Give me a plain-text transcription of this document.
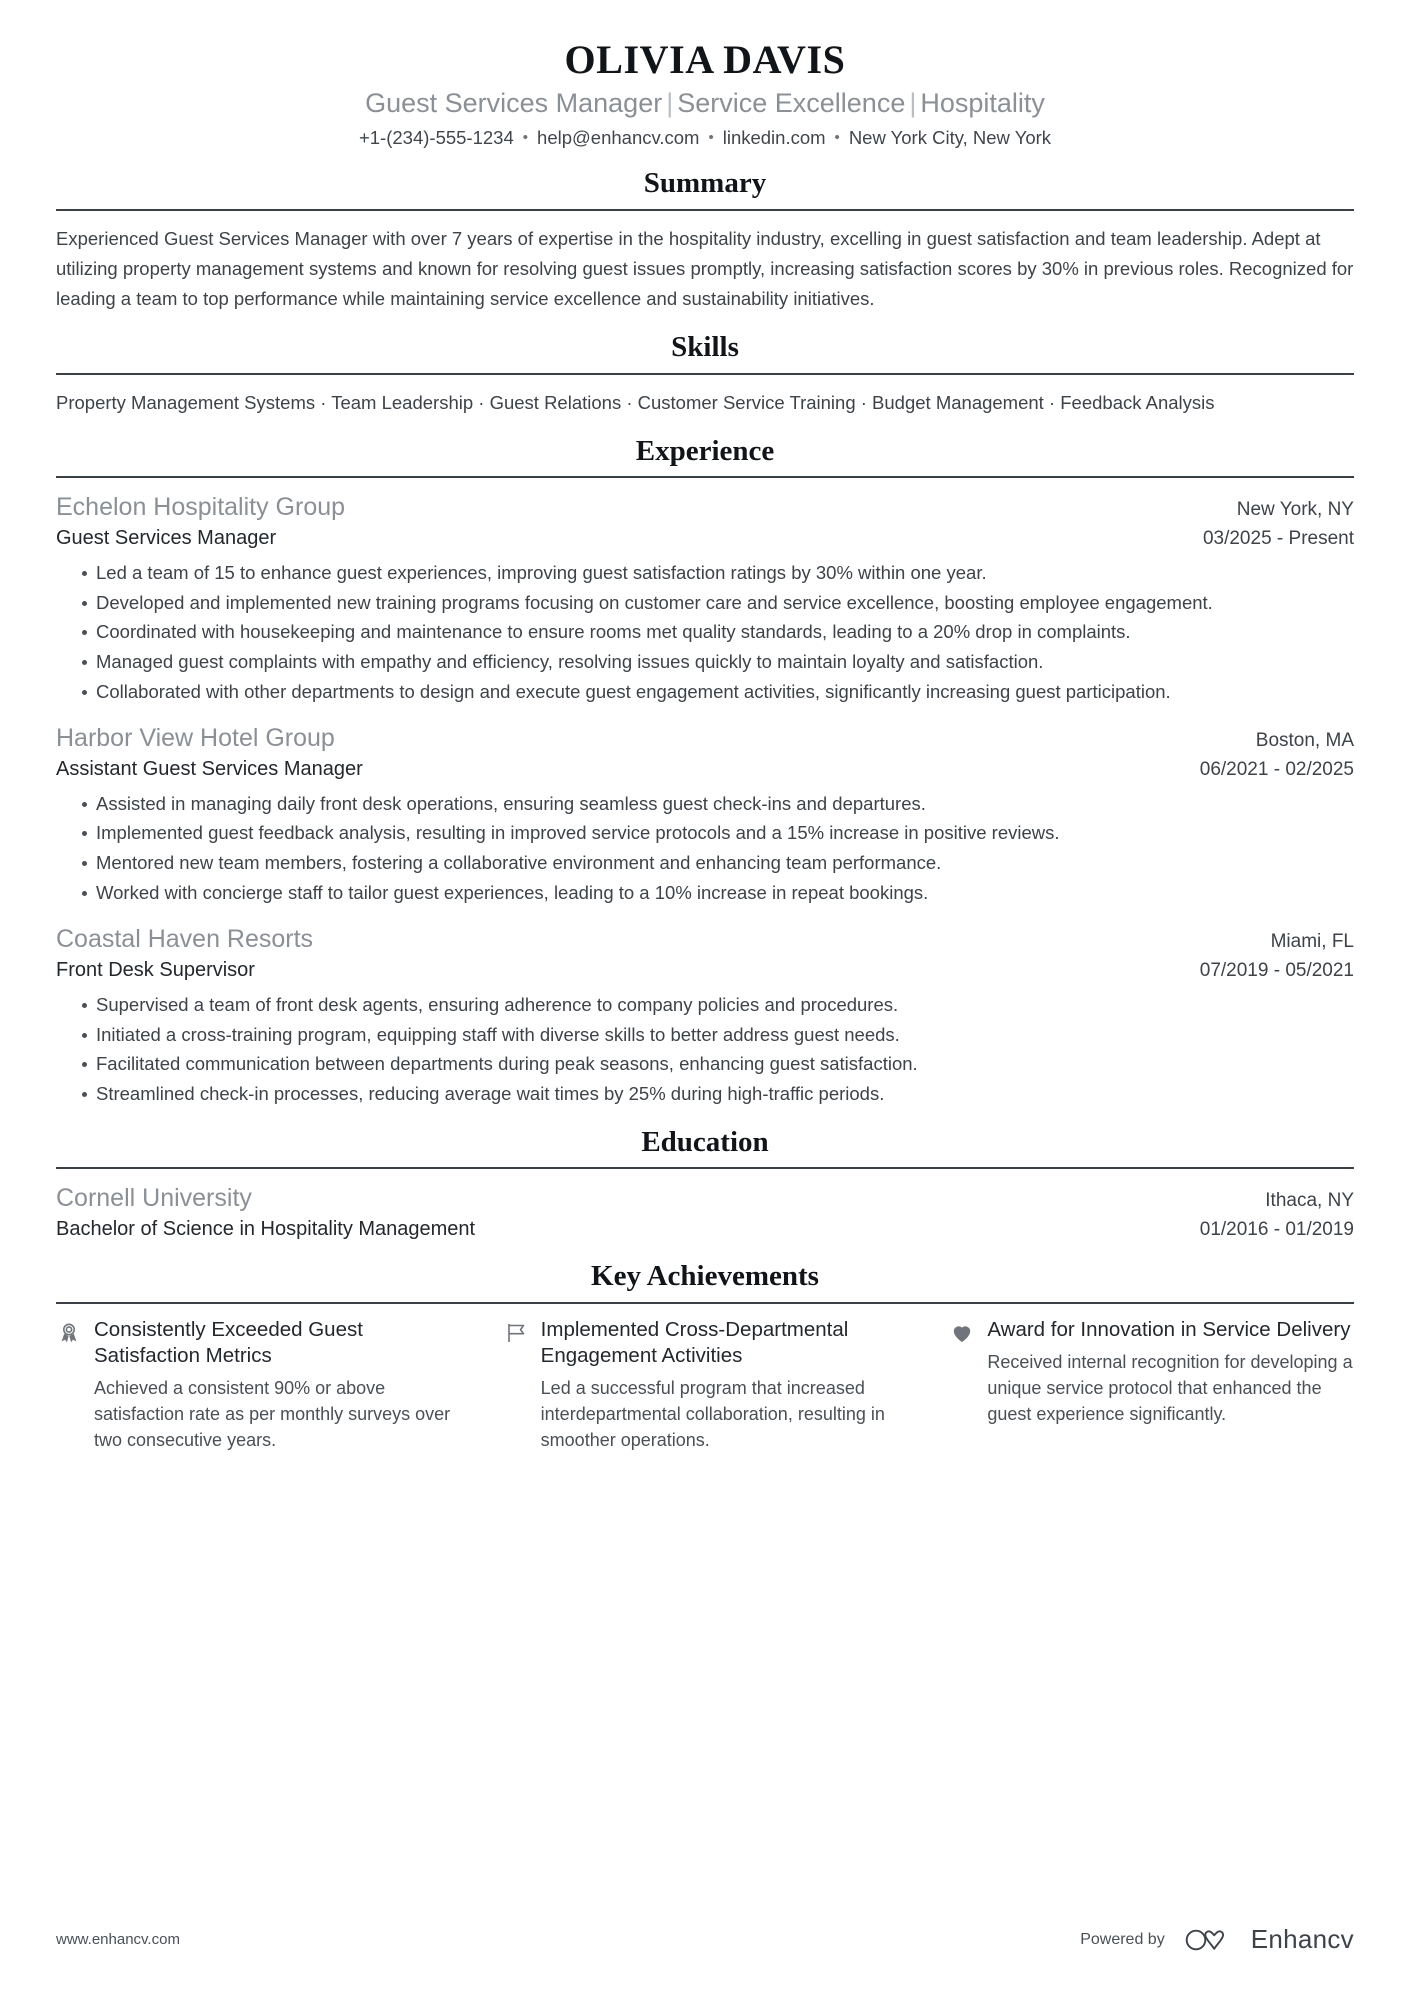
OLIVIA DAVIS
Guest Services Manager | Service Excellence | Hospitality
+1-(234)-555-1234 • help@enhancv.com • linkedin.com • New York City, New York
Summary

Experienced Guest Services Manager with over 7 years of expertise in the hospitality industry, excelling in guest satisfaction and team leadership. Adept at utilizing property management systems and known for resolving guest issues promptly, increasing satisfaction scores by 30% in previous roles. Recognized for leading a team to top performance while maintaining service excellence and sustainability initiatives.

Skills

Property Management Systems · Team Leadership · Guest Relations · Customer Service Training · Budget Management · Feedback Analysis

Experience
Echelon Hospitality Group	New York, NY
Guest Services Manager	03/2025 - Present
Led a team of 15 to enhance guest experiences, improving guest satisfaction ratings by 30% within one year.
Developed and implemented new training programs focusing on customer care and service excellence, boosting employee engagement.
Coordinated with housekeeping and maintenance to ensure rooms met quality standards, leading to a 20% drop in complaints.
Managed guest complaints with empathy and efficiency, resolving issues quickly to maintain loyalty and satisfaction.
Collaborated with other departments to design and execute guest engagement activities, significantly increasing guest participation.
Harbor View Hotel Group	Boston, MA
Assistant Guest Services Manager	06/2021 - 02/2025
Assisted in managing daily front desk operations, ensuring seamless guest check-ins and departures.
Implemented guest feedback analysis, resulting in improved service protocols and a 15% increase in positive reviews.
Mentored new team members, fostering a collaborative environment and enhancing team performance.
Worked with concierge staff to tailor guest experiences, leading to a 10% increase in repeat bookings.
Coastal Haven Resorts	Miami, FL
Front Desk Supervisor	07/2019 - 05/2021
Supervised a team of front desk agents, ensuring adherence to company policies and procedures.
Initiated a cross-training program, equipping staff with diverse skills to better address guest needs.
Facilitated communication between departments during peak seasons, enhancing guest satisfaction.
Streamlined check-in processes, reducing average wait times by 25% during high-traffic periods.
Education
Cornell University	Ithaca, NY
Bachelor of Science in Hospitality Management	01/2016 - 01/2019
Key Achievements
Consistently Exceeded Guest Satisfaction Metrics

Achieved a consistent 90% or above satisfaction rate as per monthly surveys over two consecutive years.

Implemented Cross-Departmental Engagement Activities

Led a successful program that increased interdepartmental collaboration, resulting in smoother operations.

Award for Innovation in Service Delivery

Received internal recognition for developing a unique service protocol that enhanced the guest experience significantly.

www.enhancv.com	Powered by	Enhancv
